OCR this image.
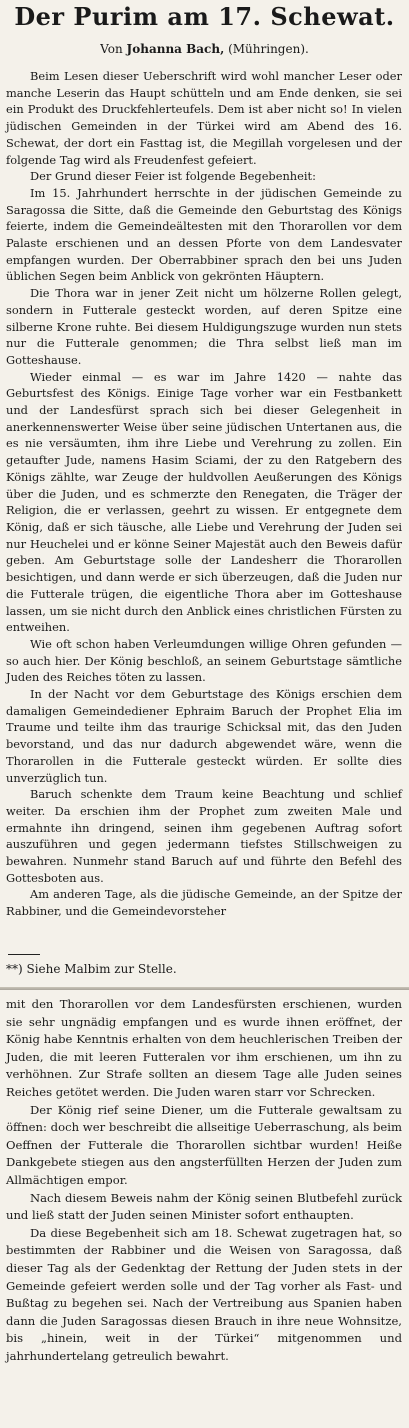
Der Purim am 17. Schewat.
Von Johanna Bach, (Mühringen).

Beim Lesen dieser Ueberschrift wird wohl mancher Leser oder manche Leserin das Haupt schütteln und am Ende denken, sie sei ein Produkt des Druckfehlerteufels. Dem ist aber nicht so! In vielen jüdischen Gemeinden in der Türkei wird am Abend des 16. Schewat, der dort ein Fasttag ist, die Megillah vorgelesen und der folgende Tag wird als Freudenfest gefeiert.

Der Grund dieser Feier ist folgende Begebenheit:

Im 15. Jahrhundert herrschte in der jüdischen Gemeinde zu Saragossa die Sitte, daß die Gemeinde den Geburtstag des Königs feierte, indem die Gemeindeältesten mit den Thorarollen vor dem Palaste erschienen und an dessen Pforte von dem Landesvater empfangen wurden. Der Oberrabbiner sprach den bei uns Juden üblichen Segen beim Anblick von gekrönten Häuptern.

Die Thora war in jener Zeit nicht um hölzerne Rollen gelegt, sondern in Futterale gesteckt worden, auf deren Spitze eine silberne Krone ruhte. Bei diesem Huldigungszuge wurden nun stets nur die Futterale genommen; die Thra selbst ließ man im Gotteshause.

Wieder einmal — es war im Jahre 1420 — nahte das Geburtsfest des Königs. Einige Tage vorher war ein Festbankett und der Landesfürst sprach sich bei dieser Gelegenheit in anerkennenswerter Weise über seine jüdischen Untertanen aus, die es nie versäumten, ihm ihre Liebe und Verehrung zu zollen. Ein getaufter Jude, namens Hasim Sciami, der zu den Ratgebern des Königs zählte, war Zeuge der huldvollen Aeußerungen des Königs über die Juden, und es schmerzte den Renegaten, die Träger der Religion, die er verlassen, geehrt zu wissen. Er entgegnete dem König, daß er sich täusche, alle Liebe und Verehrung der Juden sei nur Heuchelei und er könne Seiner Majestät auch den Beweis dafür geben. Am Geburtstage solle der Landesherr die Thorarollen besichtigen, und dann werde er sich überzeugen, daß die Juden nur die Futterale trügen, die eigentliche Thora aber im Gotteshause lassen, um sie nicht durch den Anblick eines christlichen Fürsten zu entweihen.

Wie oft schon haben Verleumdungen willige Ohren gefunden — so auch hier. Der König beschloß, an seinem Geburtstage sämtliche Juden des Reiches töten zu lassen.

In der Nacht vor dem Geburtstage des Königs erschien dem damaligen Gemeindediener Ephraim Baruch der Prophet Elia im Traume und teilte ihm das traurige Schicksal mit, das den Juden bevorstand, und das nur dadurch abgewendet wäre, wenn die Thorarollen in die Futterale gesteckt würden. Er sollte dies unverzüglich tun.

Baruch schenkte dem Traum keine Beachtung und schlief weiter. Da erschien ihm der Prophet zum zweiten Male und ermahnte ihn dringend, seinen ihm gegebenen Auftrag sofort auszuführen und gegen jedermann tiefstes Stillschweigen zu bewahren. Nunmehr stand Baruch auf und führte den Befehl des Gottesboten aus.

Am anderen Tage, als die jüdische Gemeinde, an der Spitze der Rabbiner, und die Gemeindevorsteher

**) Siehe Malbim zur Stelle.

mit den Thorarollen vor dem Landesfürsten erschienen, wurden sie sehr ungnädig empfangen und es wurde ihnen eröffnet, der König habe Kenntnis erhalten von dem heuchlerischen Treiben der Juden, die mit leeren Futteralen vor ihm erschienen, um ihn zu verhöhnen. Zur Strafe sollten an diesem Tage alle Juden seines Reiches getötet werden. Die Juden waren starr vor Schrecken.

Der König rief seine Diener, um die Futterale gewaltsam zu öffnen: doch wer beschreibt die allseitige Ueberraschung, als beim Oeffnen der Futterale die Thorarollen sichtbar wurden! Heiße Dankgebete stiegen aus den angsterfüllten Herzen der Juden zum Allmächtigen empor.

Nach diesem Beweis nahm der König seinen Blutbefehl zurück und ließ statt der Juden seinen Minister sofort enthaupten.

Da diese Begebenheit sich am 18. Schewat zugetragen hat, so bestimmten der Rabbiner und die Weisen von Saragossa, daß dieser Tag als der Gedenktag der Rettung der Juden stets in der Gemeinde gefeiert werden solle und der Tag vorher als Fast- und Bußtag zu begehen sei. Nach der Vertreibung aus Spanien haben dann die Juden Saragossas diesen Brauch in ihre neue Wohnsitze, bis „hinein, weit in der Türkei“ mitgenommen und jahrhundertelang getreulich bewahrt.
